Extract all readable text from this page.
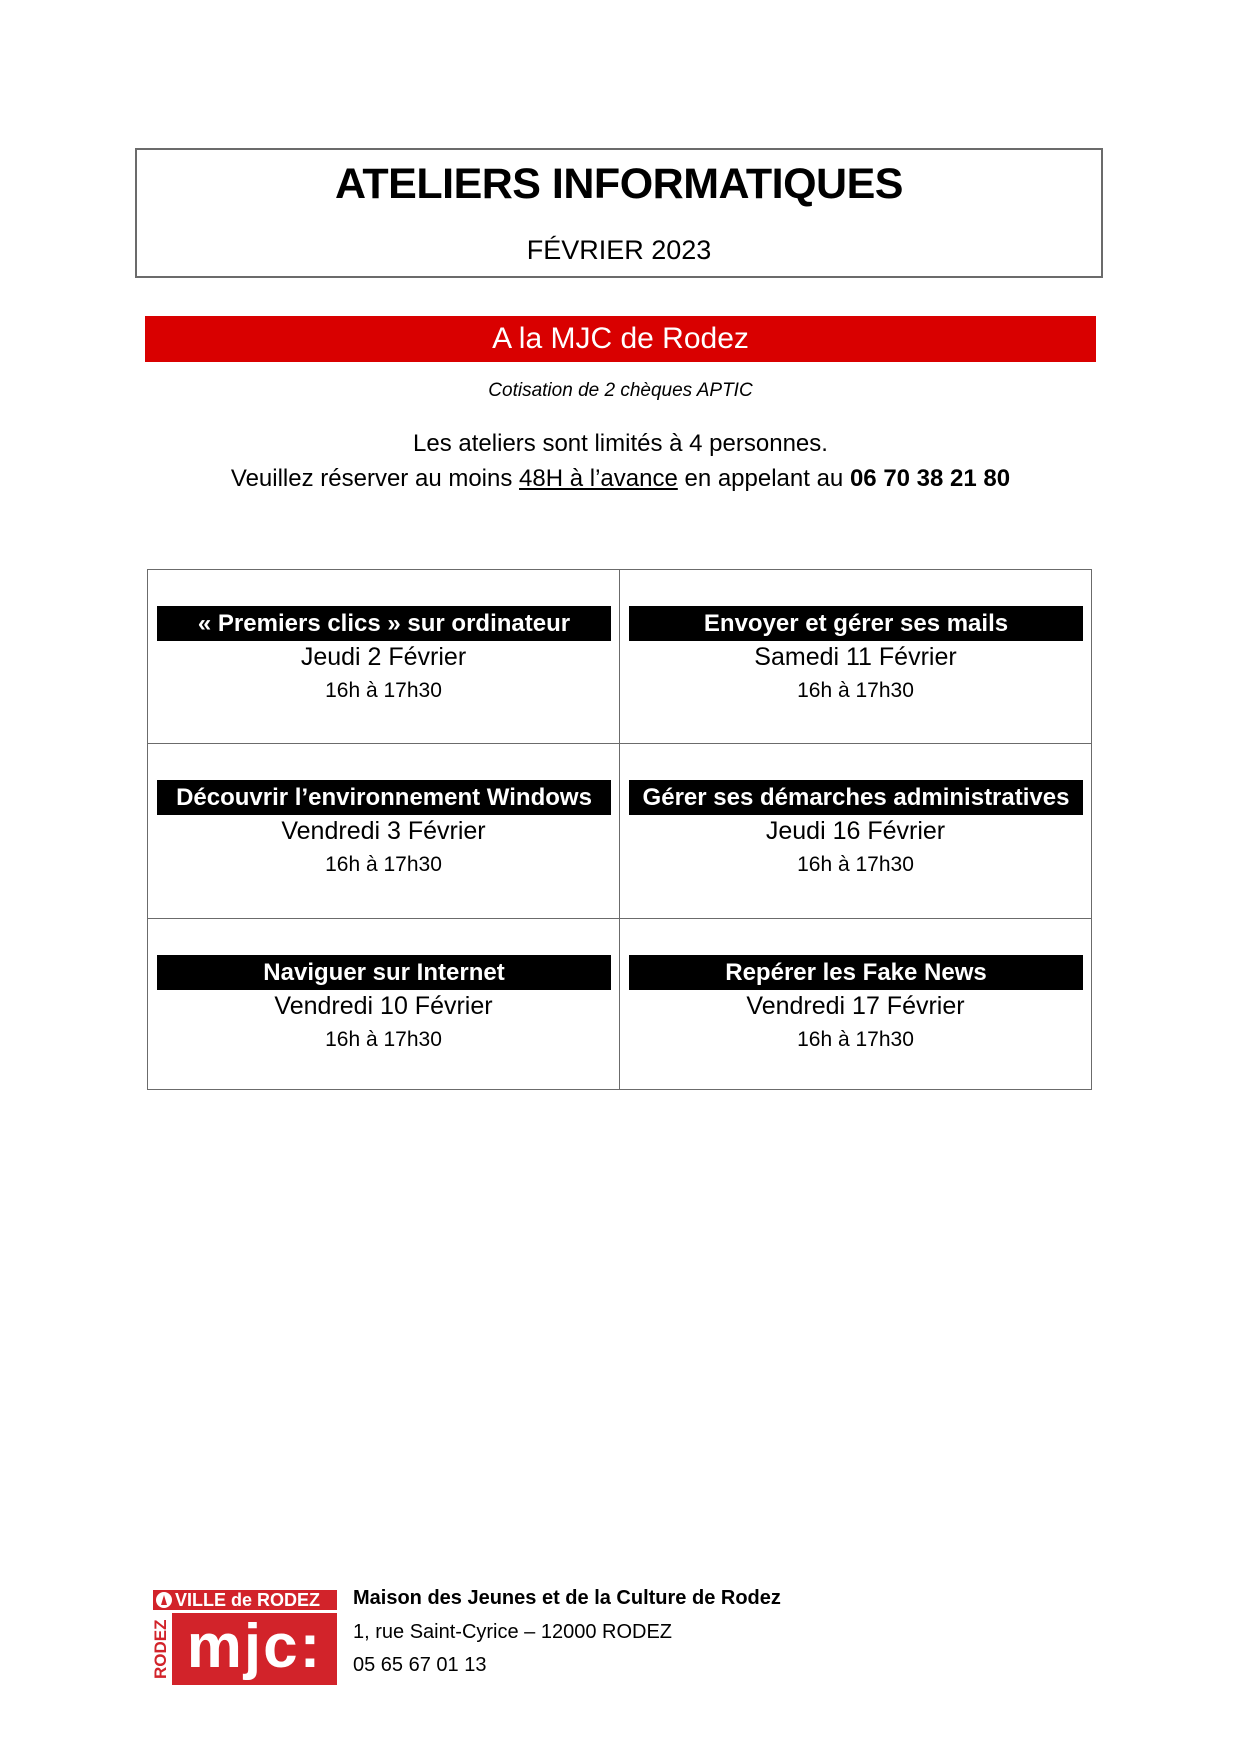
ATELIERS INFORMATIQUES
FÉVRIER 2023
A la MJC de Rodez
Cotisation de 2 chèques APTIC
Les ateliers sont limités à 4 personnes.
Veuillez réserver au moins 48H à l’avance en appelant au 06 70 38 21 80
« Premiers clics » sur ordinateur
Jeudi 2 Février
16h à 17h30
Envoyer et gérer ses mails
Samedi 11 Février
16h à 17h30
Découvrir l’environnement Windows
Vendredi 3 Février
16h à 17h30
Gérer ses démarches administratives
Jeudi 16 Février
16h à 17h30
Naviguer sur Internet
Vendredi 10 Février
16h à 17h30
Repérer les Fake News
Vendredi 17 Février
16h à 17h30
VILLE de RODEZ
RODEZ mjc:
Maison des Jeunes et de la Culture de Rodez
1, rue Saint-Cyrice – 12000 RODEZ
05 65 67 01 13
